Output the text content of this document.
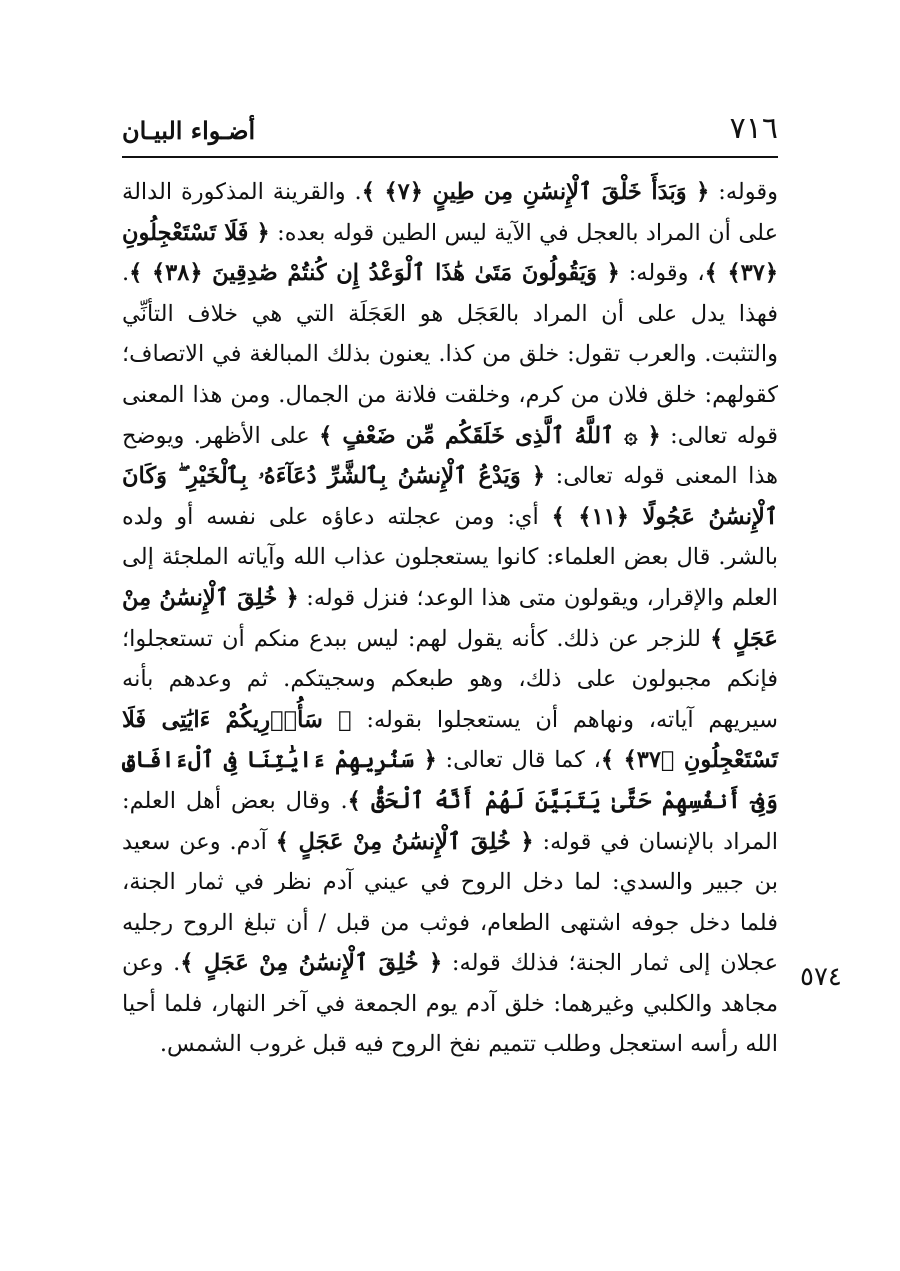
٧١٦
أضـواء البيـان
وقوله: ﴿ وَبَدَأَ خَلْقَ ٱلْإِنسَٰنِ مِن طِينٍ ﴿٧﴾ ﴾. والقرينة المذكورة الدالة على أن المراد بالعجل في الآية ليس الطين قوله بعده: ﴿ فَلَا تَسْتَعْجِلُونِ ﴿٣٧﴾ ﴾، وقوله: ﴿ وَيَقُولُونَ مَتَىٰ هَٰذَا ٱلْوَعْدُ إِن كُنتُمْ صَٰدِقِينَ ﴿٣٨﴾ ﴾. فهذا يدل على أن المراد بالعَجَل هو العَجَلَة التي هي خلاف التأنِّي والتثبت. والعرب تقول: خلق من كذا. يعنون بذلك المبالغة في الاتصاف؛ كقولهم: خلق فلان من كرم، وخلقت فلانة من الجمال. ومن هذا المعنى قوله تعالى: ﴿ ۞ ٱللَّهُ ٱلَّذِى خَلَقَكُم مِّن ضَعْفٍ ﴾ على الأظهر. ويوضح هذا المعنى قوله تعالى: ﴿ وَيَدْعُ ٱلْإِنسَٰنُ بِٱلشَّرِّ دُعَآءَهُۥ بِٱلْخَيْرِ ۖ وَكَانَ ٱلْإِنسَٰنُ عَجُولًا ﴿١١﴾ ﴾ أي: ومن عجلته دعاؤه على نفسه أو ولده بالشر. قال بعض العلماء: كانوا يستعجلون عذاب الله وآياته الملجئة إلى العلم والإقرار، ويقولون متى هذا الوعد؛ فنزل قوله: ﴿ خُلِقَ ٱلْإِنسَٰنُ مِنْ عَجَلٍ ﴾ للزجر عن ذلك. كأنه يقول لهم: ليس ببدع منكم أن تستعجلوا؛ فإنكم مجبولون على ذلك، وهو طبعكم وسجيتكم. ثم وعدهم بأنه سيريهم آياته، ونهاهم أن يستعجلوا بقوله: ﴿ سَأُو۟رِيكُمْ ءَايَٰتِى فَلَا تَسْتَعْجِلُونِ ﴿٣٧﴾ ﴾، كما قال تعالى: ﴿ سَنُرِيهِمْ ءَايَٰتِنَا فِى ٱلْءَافَاقِ وَفِىٓ أَنفُسِهِمْ حَتَّىٰ يَتَبَيَّنَ لَهُمْ أَنَّهُ ٱلْحَقُّ ﴾. وقال بعض أهل العلم: المراد بالإنسان في قوله: ﴿ خُلِقَ ٱلْإِنسَٰنُ مِنْ عَجَلٍ ﴾ آدم. وعن سعيد بن جبير والسدي: لما دخل الروح في عيني آدم نظر في ثمار الجنة، فلما دخل جوفه اشتهى الطعام، فوثب من قبل / أن تبلغ الروح رجليه عجلان إلى ثمار الجنة؛ فذلك قوله: ﴿ خُلِقَ ٱلْإِنسَٰنُ مِنْ عَجَلٍ ﴾. وعن مجاهد والكلبي وغيرهما: خلق آدم يوم الجمعة في آخر النهار، فلما أحيا الله رأسه استعجل وطلب تتميم نفخ الروح فيه قبل غروب الشمس.
٥٧٤
